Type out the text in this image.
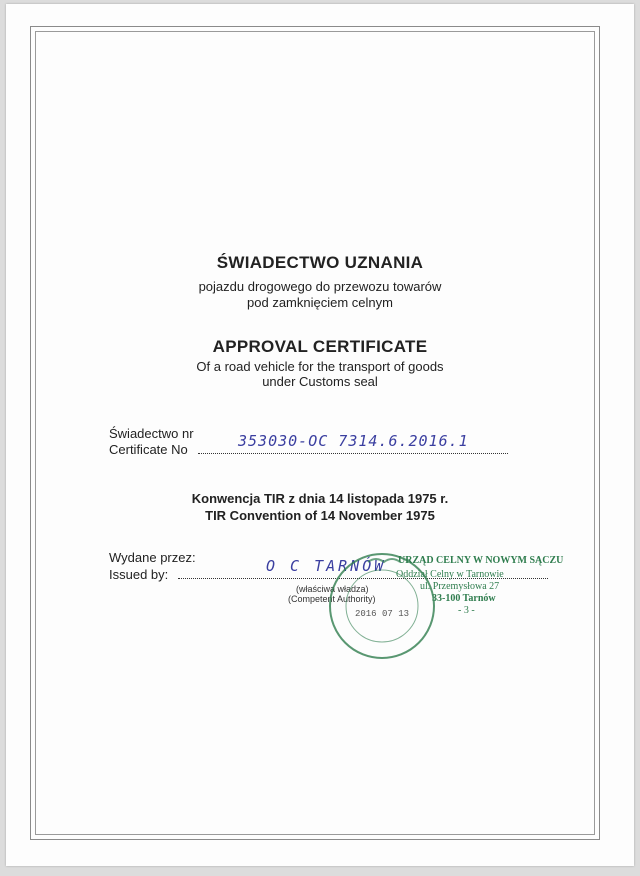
ŚWIADECTWO UZNANIA
pojazdu drogowego do przewozu towarów
pod zamknięciem celnym
APPROVAL CERTIFICATE
Of a road vehicle for the transport of goods
under Customs seal
Świadectwo nr
Certificate No	353030-OC 7314.6.2016.1
Konwencja TIR z dnia 14 listopada 1975 r.
TIR Convention of 14 November 1975
Wydane przez:
Issued by:	O C TARNÓW
(właściwa władza)
(Competent Authority)
2016 07 13
URZĄD CELNY W NOWYM SĄCZU
Oddział Celny w Tarnowie
ul. Przemysłowa 27
33-100 Tarnów
- 3 -
